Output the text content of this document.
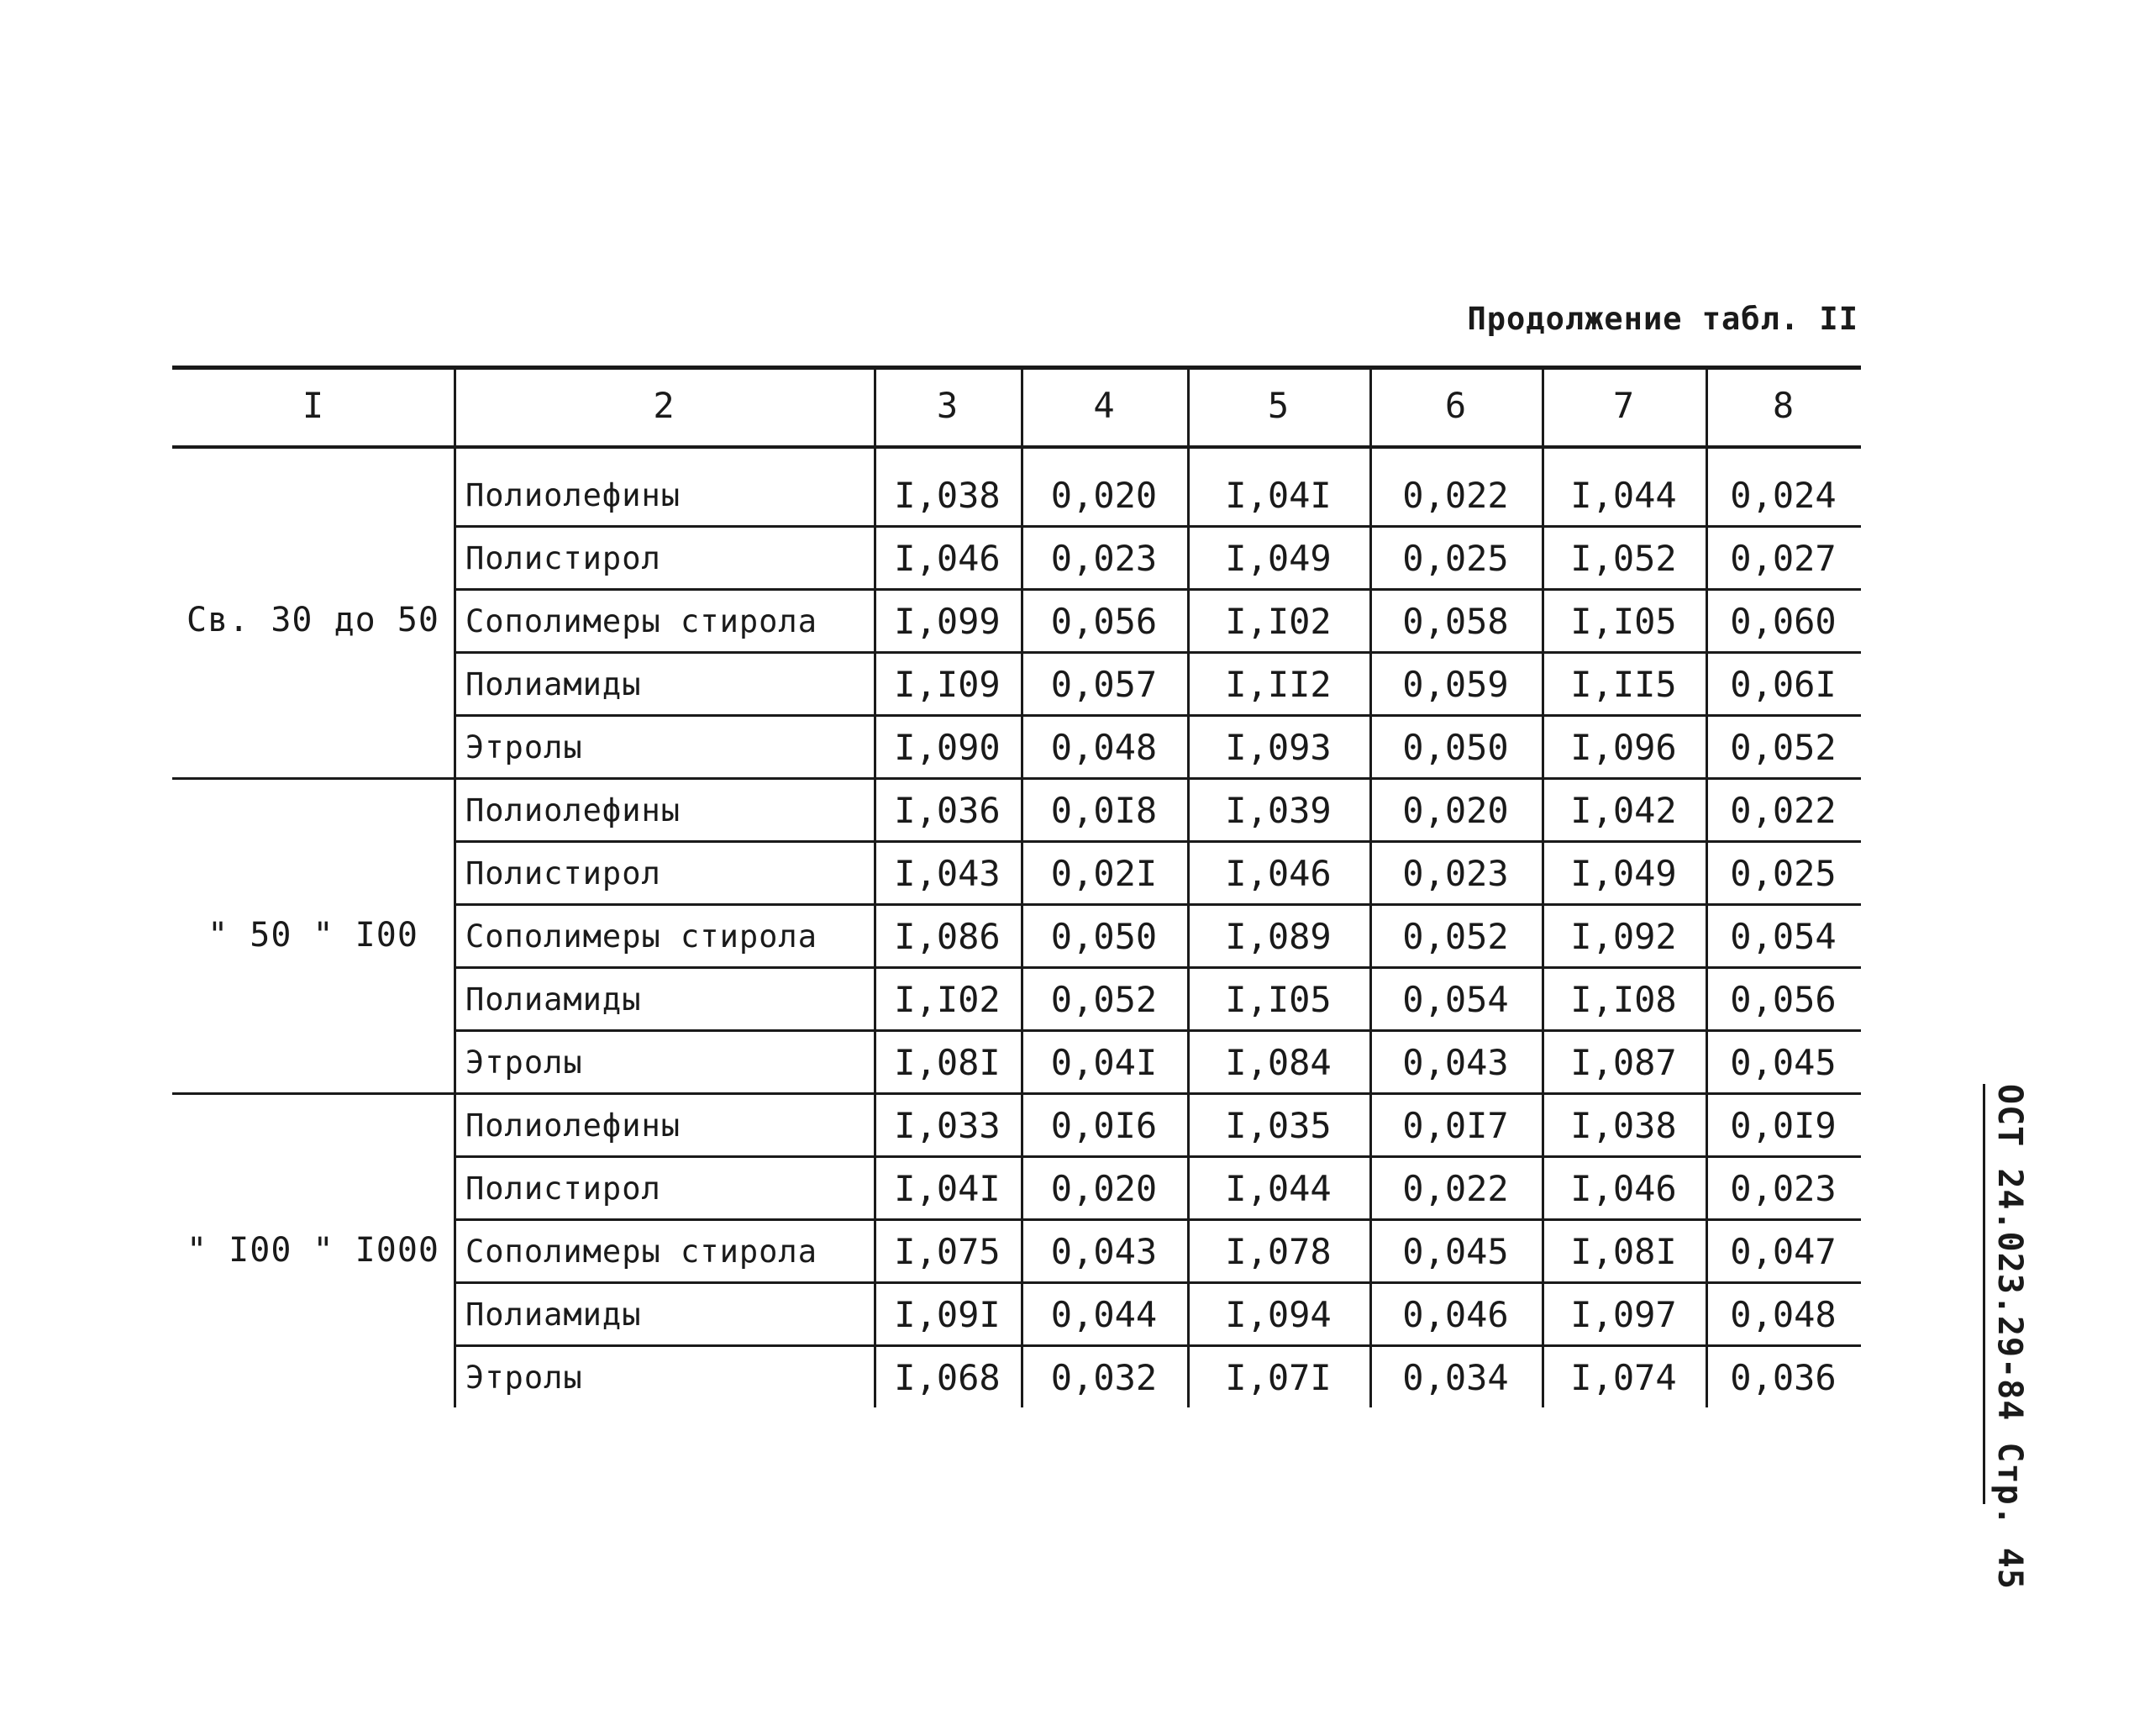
Продолжение табл. II
I	2	3	4	5	6	7	8
Св. 30 до 50
Полиолефины	I,038	0,020	I,04I	0,022	I,044	0,024
Полистирол	I,046	0,023	I,049	0,025	I,052	0,027
Сополимеры стирола	I,099	0,056	I,I02	0,058	I,I05	0,060
Полиамиды	I,I09	0,057	I,II2	0,059	I,II5	0,06I
Этролы	I,090	0,048	I,093	0,050	I,096	0,052
" 50 " I00
Полиолефины	I,036	0,0I8	I,039	0,020	I,042	0,022
Полистирол	I,043	0,02I	I,046	0,023	I,049	0,025
Сополимеры стирола	I,086	0,050	I,089	0,052	I,092	0,054
Полиамиды	I,I02	0,052	I,I05	0,054	I,I08	0,056
Этролы	I,08I	0,04I	I,084	0,043	I,087	0,045
" I00 " I000
Полиолефины	I,033	0,0I6	I,035	0,0I7	I,038	0,0I9
Полистирол	I,04I	0,020	I,044	0,022	I,046	0,023
Сополимеры стирола	I,075	0,043	I,078	0,045	I,08I	0,047
Полиамиды	I,09I	0,044	I,094	0,046	I,097	0,048
Этролы	I,068	0,032	I,07I	0,034	I,074	0,036	ОСТ 24.023.29-84 Стр. 45
